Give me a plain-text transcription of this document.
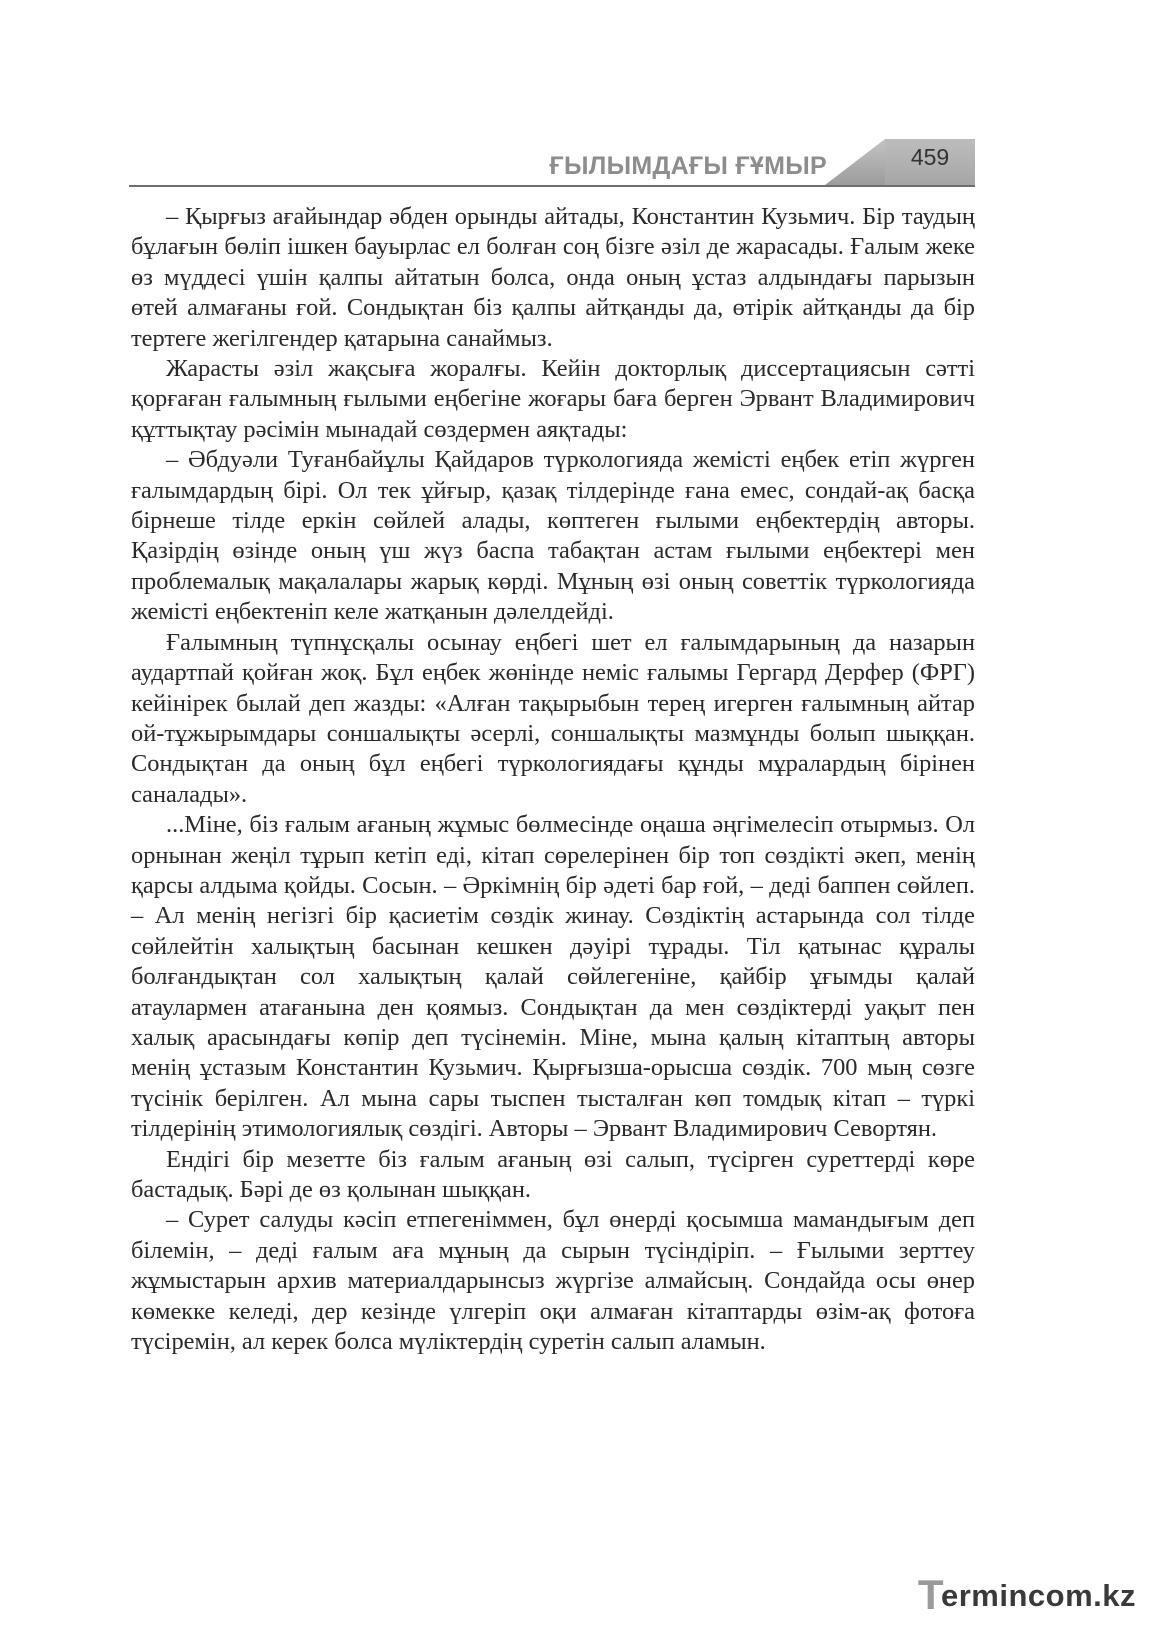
ҒЫЛЫМДАҒЫ ҒҰМЫР	459

– Қырғыз ағайындар әбден орынды айтады, Константин Кузьмич. Бір таудың бұлағын бөліп ішкен бауырлас ел болған соң бізге әзіл де жарасады. Ғалым жеке өз мүддесі үшін қалпы айтатын болса, онда оның ұстаз алдындағы парызын өтей алмағаны ғой. Сондықтан біз қалпы айтқанды да, өтірік айтқанды да бір тертеге жегілгендер қатарына санаймыз.

Жарасты әзіл жақсыға жоралғы. Кейін докторлық диссертациясын сәтті қорғаған ғалымның ғылыми еңбегіне жоғары баға берген Эрвант Владимирович құттықтау рәсімін мынадай сөздермен аяқтады:

– Әбдуәли Туғанбайұлы Қайдаров түркологияда жемісті еңбек етіп жүрген ғалымдардың бірі. Ол тек ұйғыр, қазақ тілдерінде ғана емес, сондай-ақ басқа бірнеше тілде еркін сөйлей алады, көптеген ғылыми еңбектердің авторы. Қазірдің өзінде оның үш жүз баспа табақтан астам ғылыми еңбектері мен проблемалық мақалалары жарық көрді. Мұның өзі оның советтік түркологияда жемісті еңбектеніп келе жатқанын дәлелдейді.

Ғалымның түпнұсқалы осынау еңбегі шет ел ғалымдарының да назарын аудартпай қойған жоқ. Бұл еңбек жөнінде неміс ғалымы Гергард Дерфер (ФРГ) кейінірек былай деп жазды: «Алған тақырыбын терең игерген ғалымның айтар ой-тұжырымдары соншалықты әсерлі, соншалықты мазмұнды болып шыққан. Сондықтан да оның бұл еңбегі түркологиядағы құнды мұралардың бірінен саналады».

...Міне, біз ғалым ағаның жұмыс бөлмесінде оңаша әңгімелесіп отырмыз. Ол орнынан жеңіл тұрып кетіп еді, кітап сөрелерінен бір топ сөздікті әкеп, менің қарсы алдыма қойды. Сосын. – Әркімнің бір әдеті бар ғой, – деді баппен сөйлеп. – Ал менің негізгі бір қасиетім сөздік жинау. Сөздіктің астарында сол тілде сөйлейтін халықтың басынан кешкен дәуірі тұрады. Тіл қатынас құралы болғандықтан сол халықтың қалай сөйлегеніне, қайбір ұғымды қалай атаулармен атағанына ден қоямыз. Сондықтан да мен сөздіктерді уақыт пен халық арасындағы көпір деп түсінемін. Міне, мына қалың кітаптың авторы менің ұстазым Константин Кузьмич. Қырғызша-орысша сөздік. 700 мың сөзге түсінік берілген. Ал мына сары тыспен тысталған көп томдық кітап – түркі тілдерінің этимологиялық сөздігі. Авторы – Эрвант Владимирович Севортян.

Ендігі бір мезетте біз ғалым ағаның өзі салып, түсірген суреттерді көре бастадық. Бәрі де өз қолынан шыққан.

– Сурет салуды кәсіп етпегеніммен, бұл өнерді қосымша мамандығым деп білемін, – деді ғалым аға мұның да сырын түсіндіріп. – Ғылыми зерттеу жұмыстарын архив материалдарынсыз жүргізе алмайсың. Сондайда осы өнер көмекке келеді, дер кезінде үлгеріп оқи алмаған кітаптарды өзім-ақ фотоға түсіремін, ал керек болса мүліктердің суретін салып аламын.

Termincom.kz
